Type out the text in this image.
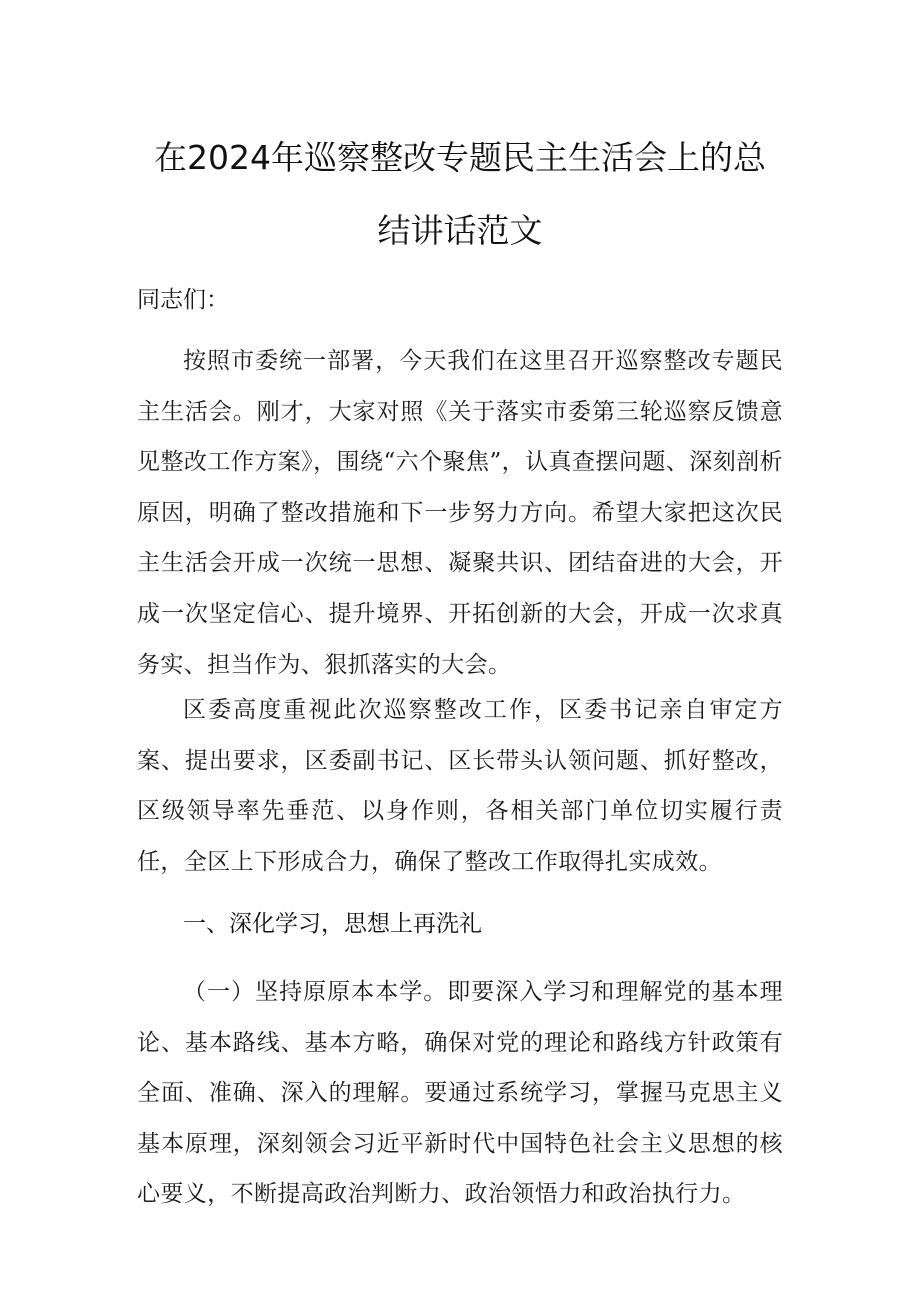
在2024年巡察整改专题民主生活会上的总
结讲话范文

同志们：

按照市委统一部署，今天我们在这里召开巡察整改专题民主生活会。刚才，大家对照《关于落实市委第三轮巡察反馈意见整改工作方案》，围绕“六个聚焦”，认真查摆问题、深刻剖析原因，明确了整改措施和下一步努力方向。希望大家把这次民主生活会开成一次统一思想、凝聚共识、团结奋进的大会，开成一次坚定信心、提升境界、开拓创新的大会，开成一次求真务实、担当作为、狠抓落实的大会。

区委高度重视此次巡察整改工作，区委书记亲自审定方案、提出要求，区委副书记、区长带头认领问题、抓好整改，区级领导率先垂范、以身作则，各相关部门单位切实履行责任，全区上下形成合力，确保了整改工作取得扎实成效。

一、深化学习，思想上再洗礼

（一）坚持原原本本学。即要深入学习和理解党的基本理论、基本路线、基本方略，确保对党的理论和路线方针政策有全面、准确、深入的理解。要通过系统学习，掌握马克思主义基本原理，深刻领会习近平新时代中国特色社会主义思想的核心要义，不断提高政治判断力、政治领悟力和政治执行力。
